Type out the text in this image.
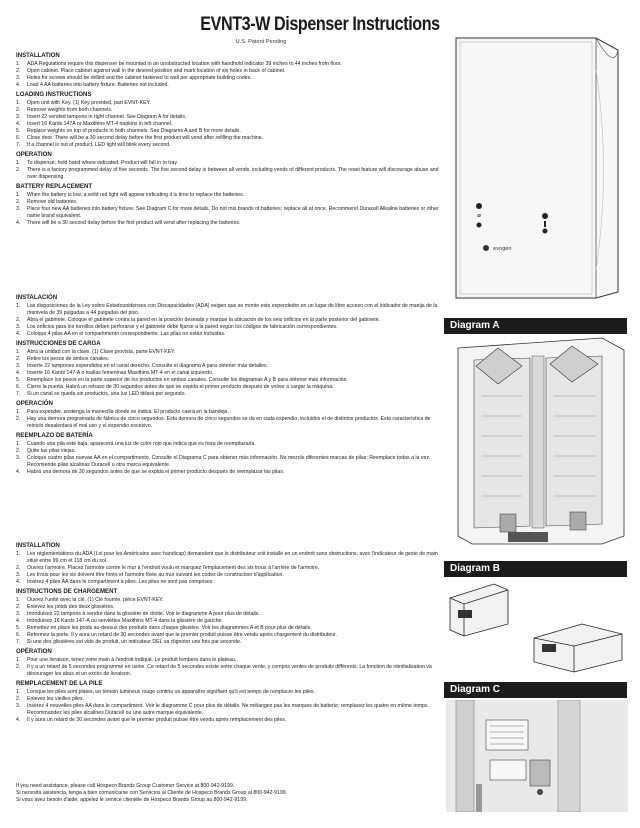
EVNT3-W Dispenser Instructions
U.S. Patent Pending
INSTALLATION
1.	ADA Regulations require this dispenser be mounted in an unobstructed location with handhold indicator 39 inches to 44 inches from floor.
2.	Open cabinet. Place cabinet against wall in the desired position and mark location of six holes in back of cabinet.
3.	Holes for screws should be drilled and the cabinet fastened to wall per appropriate building codes.
4.	Load 4 AA batteries into battery fixture. Batteries not included.
LOADING INSTRUCTIONS
1.	Open unit with Key. (1) Key provided, part EVNT-KEY.
2.	Remove weights from both channels.
3.	Insert 22 vended tampons in right channel. See Diagram A for details.
4.	Insert 16 Kards 147A or Maxithins MT-4 napkins in left channel.
5.	Replace weights on top of products in both channels. See Diagrams A and B for more details.
6.	Close door. There will be a 30 second delay before the first product will vend after refilling the machine.
7.	If a channel is out of product, LED light will blink every second.
OPERATION
1.	To dispense, hold hand where indicated. Product will fall in to tray.
2.	There is a factory programmed delay of five seconds. The five second delay is between all vends, including vends of different products. The reset feature will discourage abuse and over dispensing.
BATTERY REPLACEMENT
1.	When the battery is low, a solid red light will appear indicating it is time to replace the batteries.
2.	Remove old batteries.
3.	Place four new AA batteries into battery fixture. See Diagram C for more details. Do not mix brands of batteries; replace all at once. Recommend Duracell Alkaline batteries or other name brand equivalent.
4.	There will be a 30 second delay before the first product will vend after replacing the batteries.
INSTALACIÓN
1.	Las disposiciones de la Ley sobre Estadounidenses con Discapacidades (ADA) exigen que se monte este expendedor en un lugar de libre acceso con el indicador de manija de la manivela de 39 pulgadas a 44 pulgadas del piso.
2.	Abra el gabinete. Coloque el gabinete contra la pared en la posición deseada y marque la ubicación de los seis orificios en la parte posterior del gabinete.
3.	Los orificios para los tornillos deben perforarse y el gabinete debe fijarse a la pared según los códigos de fabricación correspondientes.
4.	Coloque 4 pilas AA en el compartimento correspondiente. Las pilas no están incluidas.
INSTRUCCIONES DE CARGA
1.	Abra la unidad con la clave. (1) Clave provista, parte EVNT-KEY.
2.	Retire los pesos de ambos canales.
3.	Inserte 22 tampones expendidos en el canal derecho. Consulte el diagrama A para obtener más detalles.
4.	Inserte 16 Kards 147-A o toallas femeninas Maxithins MT-4 en el canal izquierdo.
5.	Reemplace los pesos en la parte superior de los productos en ambos canales. Consulte los diagramas A y B para obtener más información.
6.	Cierre la puerta. Habrá un retraso de 30 segundos antes de que se expida el primer producto después de volver a cargar la máquina.
7.	Si un canal se queda sin productos, una luz LED titilará por segundo.
OPERACIÓN
1.	Para expender, sostenga la manecilla donde se indica. El producto caerá en la bandeja.
2.	Hay una demora programada de fábrica de cinco segundos. Esta demora de cinco segundos se da en cada expendio, incluidos el de distintos productos. Esta característica de reinicio desalentará el mal uso y el expendio excesivo.
REEMPLAZO DE BATERÍA
1.	Cuando una pila esté baja, aparecerá una luz de color rojo que indica que es hora de reemplazarla.
2.	Quite las pilas viejas.
3.	Coloque cuatro pilas nuevas AA en el compartimento. Consulte el Diagrama C para obtener más información. No mezcle diferentes marcas de pilas; Reemplace todas a la vez. Recomiende pilas alcalinas Duracell u otra marca equivalente.
4.	Habrá una demora de 30 segundos antes de que se expida el primer producto después de reemplazar las pilas.
INSTALLATION
1.	Les réglementations du ADA (Loi pour les Américains avec handicap) demandent que le distributeur soit installé en un endroit sans obstructions, avec l'indicateur de geste de main situé entre 99 cm et 118 cm du sol.
2.	Ouvrez l'armoire. Placez l'armoire contre le mur à l'endroit voulu et marquez l'emplacement des six trous à l'arrière de l'armoire.
3.	Les trous pour les vis doivent être forés et l'armoire fixée au mur suivant les codes de construction d'application.
4.	Insérez 4 piles AA dans le compartiment à piles. Les piles ne sont pas comprises.
INSTRUCTIONS DE CHARGEMENT
1.	Ouvrez l'unité avec la clé. (1) Clé fournie, pièce EVNT-KEY.
2.	Enlevez les poids des deux glissières.
3.	Introduisez 22 tampons à vendre dans la glissière de droite. Voir le diagramme A pour plus de détails.
4.	Introduisez 16 Kards 147-A ou serviettes Maxithins MT-4 dans la glissière de gauche.
5.	Remettez en place les poids au-dessus des produits dans chaque glissière. Voir les diagrammes A et B pour plus de détails.
6.	Refermez la porte. Il y aura un retard de 30 secondes avant que le premier produit puisse être vendu après chargement du distributeur.
7.	Si une des glissières est vide de produit, un indicateur DEL va clignoter une fois par seconde.
OPÉRATION
1.	Pour une livraison, tenez votre main à l'endroit indiqué. Le produit tombera dans le plateau.
2.	Il y a un retard de 5 secondes programmé en usine. Ce retard de 5 secondes existe entre chaque vente, y compris ventes de produits différents. La fonction de réinitialisation va décourager les abus et un excès de livraison.
REMPLACEMENT DE LA PILE
1.	Lorsque les piles sont plates, un témoin lumineux rouge continu va apparaître signifiant qu'il est temps de remplacer les piles.
2.	Enlevez les vieilles piles.
3.	Insérez 4 nouvelles piles AA dans le compartiment. Voir le diagramme C pour plus de détails. Ne mélangez pas les marques de batterie; remplacez les quatre en même temps. Recommandez les piles alcalines Duracell ou une autre marque équivalente.
4.	Il y aura un retard de 30 secondes avant que le premier produit puisse être vendu après remplacement des piles.
If you need assistance, please call Hospeco Brands Group Customer Service at 800-942-9199.
Si necesita asistencia, tenga a bien comunicarse con Servicios al Cliente de Hospeco Brands Group al 800-942-9199.
Si vous avez besoin d'aide, appelez le service clientèle de Hospeco Brands Group au 800-942-9199.
⌀
evogen
Diagram A
Diagram B
Diagram C
